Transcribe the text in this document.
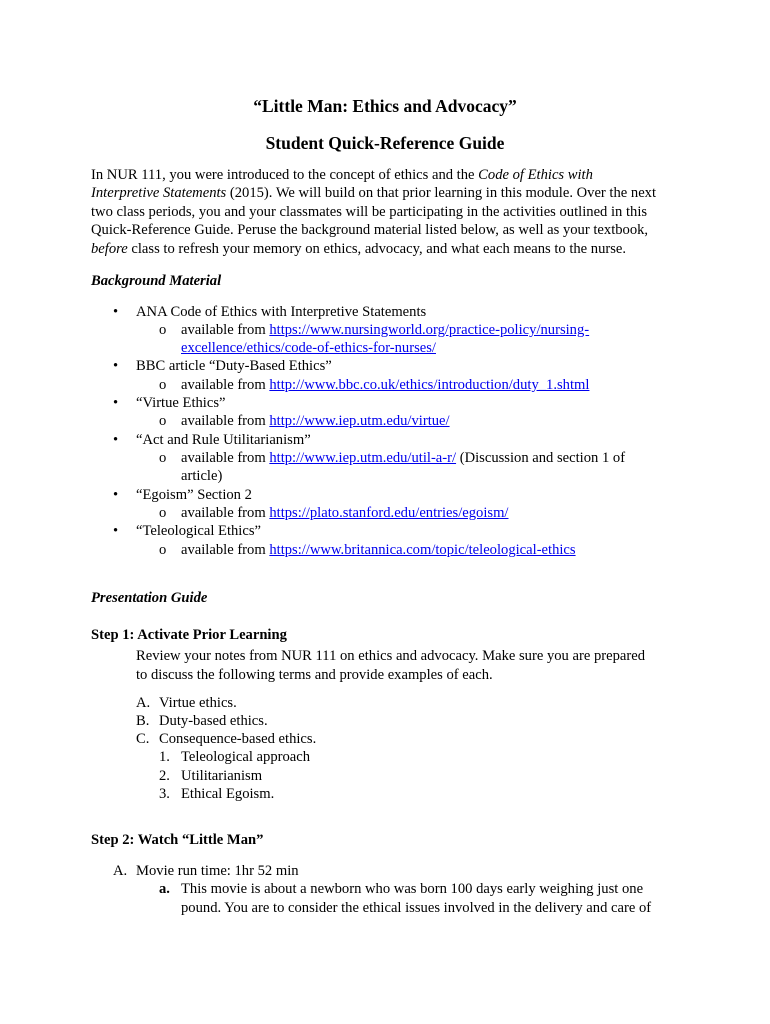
“Little Man: Ethics and Advocacy”
Student Quick-Reference Guide
In NUR 111, you were introduced to the concept of ethics and the Code of Ethics with
Interpretive Statements (2015). We will build on that prior learning in this module. Over the next
two class periods, you and your classmates will be participating in the activities outlined in this
Quick-Reference Guide. Peruse the background material listed below, as well as your textbook,
before class to refresh your memory on ethics, advocacy, and what each means to the nurse.
Background Material
• ANA Code of Ethics with Interpretive Statements
o available from https://www.nursingworld.org/practice-policy/nursing-
excellence/ethics/code-of-ethics-for-nurses/
• BBC article “Duty-Based Ethics”
o available from http://www.bbc.co.uk/ethics/introduction/duty_1.shtml
• “Virtue Ethics”
o available from http://www.iep.utm.edu/virtue/
• “Act and Rule Utilitarianism”
o available from http://www.iep.utm.edu/util-a-r/ (Discussion and section 1 of
article)
• “Egoism” Section 2
o available from https://plato.stanford.edu/entries/egoism/
• “Teleological Ethics”
o available from https://www.britannica.com/topic/teleological-ethics
Presentation Guide
Step 1: Activate Prior Learning
Review your notes from NUR 111 on ethics and advocacy. Make sure you are prepared
to discuss the following terms and provide examples of each.
A. Virtue ethics.
B. Duty-based ethics.
C. Consequence-based ethics.
1. Teleological approach
2. Utilitarianism
3. Ethical Egoism.
Step 2: Watch “Little Man”
A. Movie run time: 1hr 52 min
a. This movie is about a newborn who was born 100 days early weighing just one
pound. You are to consider the ethical issues involved in the delivery and care of
